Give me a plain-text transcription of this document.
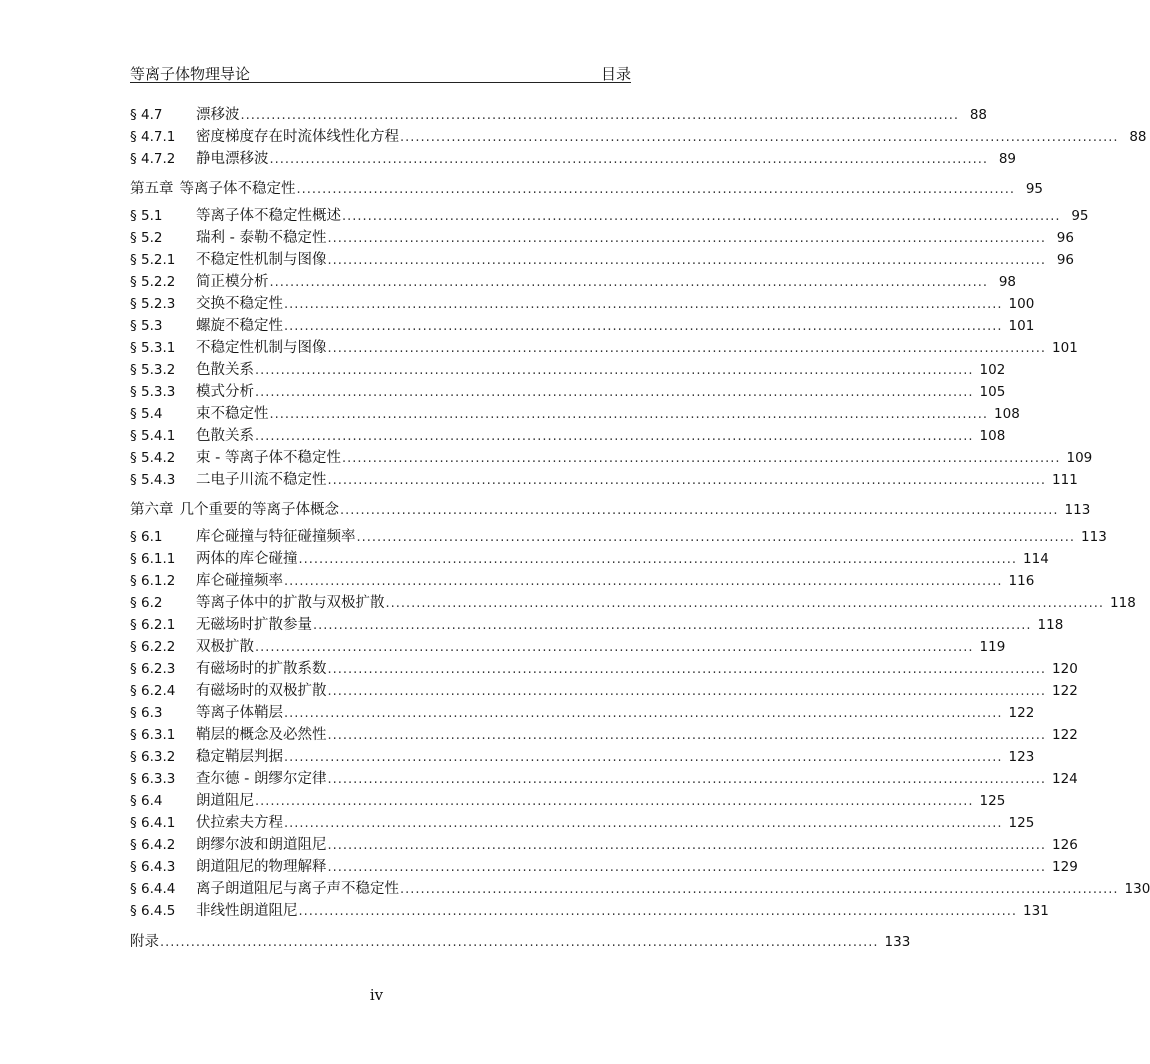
等离子体物理导论	目录
§ 4.7	漂移波 ............................................................................................................................................ 88
§ 4.7.1	密度梯度存在时流体线性化方程 ............................................................................................................................................ 88
§ 4.7.2	静电漂移波 ............................................................................................................................................ 89
第五章 等离子体不稳定性 ............................................................................................................................................ 95
§ 5.1	等离子体不稳定性概述 ............................................................................................................................................ 95
§ 5.2	瑞利 - 泰勒不稳定性 ............................................................................................................................................ 96
§ 5.2.1	不稳定性机制与图像 ............................................................................................................................................ 96
§ 5.2.2	简正模分析 ............................................................................................................................................ 98
§ 5.2.3	交换不稳定性 ............................................................................................................................................ 100
§ 5.3	螺旋不稳定性 ............................................................................................................................................ 101
§ 5.3.1	不稳定性机制与图像 ............................................................................................................................................ 101
§ 5.3.2	色散关系 ............................................................................................................................................ 102
§ 5.3.3	模式分析 ............................................................................................................................................ 105
§ 5.4	束不稳定性 ............................................................................................................................................ 108
§ 5.4.1	色散关系 ............................................................................................................................................ 108
§ 5.4.2	束 - 等离子体不稳定性 ............................................................................................................................................ 109
§ 5.4.3	二电子川流不稳定性 ............................................................................................................................................ 111
第六章 几个重要的等离子体概念 ............................................................................................................................................ 113
§ 6.1	库仑碰撞与特征碰撞频率 ............................................................................................................................................ 113
§ 6.1.1	两体的库仑碰撞 ............................................................................................................................................ 114
§ 6.1.2	库仑碰撞频率 ............................................................................................................................................ 116
§ 6.2	等离子体中的扩散与双极扩散 ............................................................................................................................................ 118
§ 6.2.1	无磁场时扩散参量 ............................................................................................................................................ 118
§ 6.2.2	双极扩散 ............................................................................................................................................ 119
§ 6.2.3	有磁场时的扩散系数 ............................................................................................................................................ 120
§ 6.2.4	有磁场时的双极扩散 ............................................................................................................................................ 122
§ 6.3	等离子体鞘层 ............................................................................................................................................ 122
§ 6.3.1	鞘层的概念及必然性 ............................................................................................................................................ 122
§ 6.3.2	稳定鞘层判据 ............................................................................................................................................ 123
§ 6.3.3	查尔德 - 朗缪尔定律 ............................................................................................................................................ 124
§ 6.4	朗道阻尼 ............................................................................................................................................ 125
§ 6.4.1	伏拉索夫方程 ............................................................................................................................................ 125
§ 6.4.2	朗缪尔波和朗道阻尼 ............................................................................................................................................ 126
§ 6.4.3	朗道阻尼的物理解释 ............................................................................................................................................ 129
§ 6.4.4	离子朗道阻尼与离子声不稳定性 ............................................................................................................................................ 130
§ 6.4.5	非线性朗道阻尼 ............................................................................................................................................ 131
附录 ............................................................................................................................................ 133
iv
